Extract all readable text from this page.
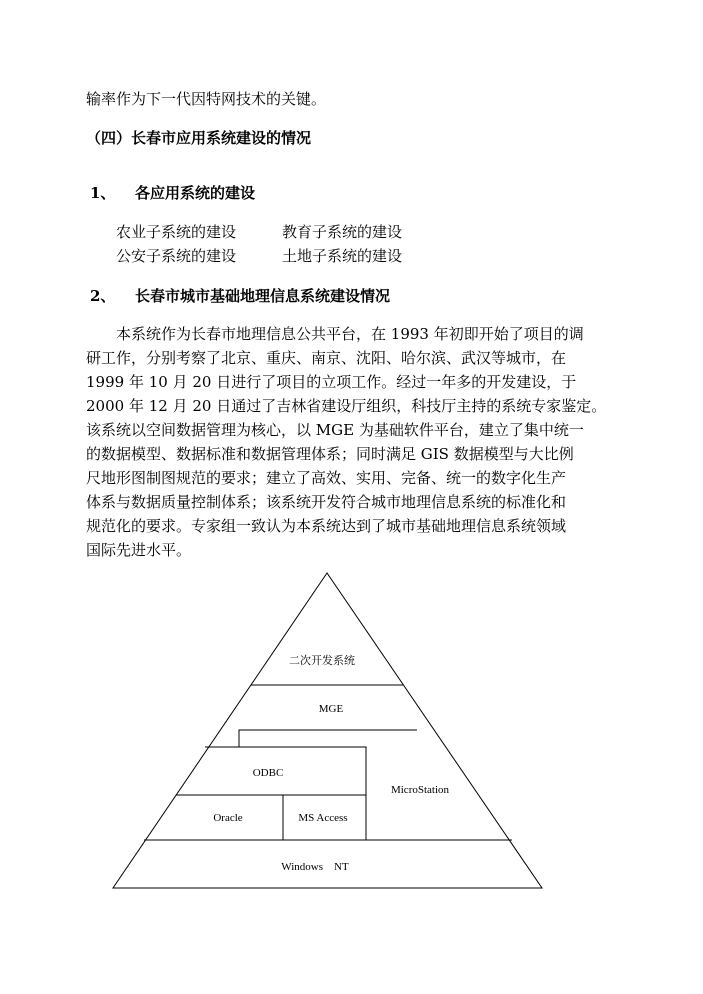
输率作为下一代因特网技术的关键。
（四）长春市应用系统建设的情况
1、 各应用系统的建设
农业子系统的建设	教育子系统的建设
公安子系统的建设	土地子系统的建设
2、 长春市城市基础地理信息系统建设情况
　　本系统作为长春市地理信息公共平台，在 1993 年初即开始了项目的调
研工作，分别考察了北京、重庆、南京、沈阳、哈尔滨、武汉等城市，在
1999 年 10 月 20 日进行了项目的立项工作。经过一年多的开发建设，于
2000 年 12 月 20 日通过了吉林省建设厅组织，科技厅主持的系统专家鉴定。
该系统以空间数据管理为核心，以 MGE 为基础软件平台，建立了集中统一
的数据模型、数据标准和数据管理体系；同时满足 GIS 数据模型与大比例
尺地形图制图规范的要求；建立了高效、实用、完备、统一的数字化生产
体系与数据质量控制体系；该系统开发符合城市地理信息系统的标准化和
规范化的要求。专家组一致认为本系统达到了城市基础地理信息系统领域
国际先进水平。
二次开发系统
MGE
ODBC
MicroStation
Oracle	MS Access
Windows　NT
